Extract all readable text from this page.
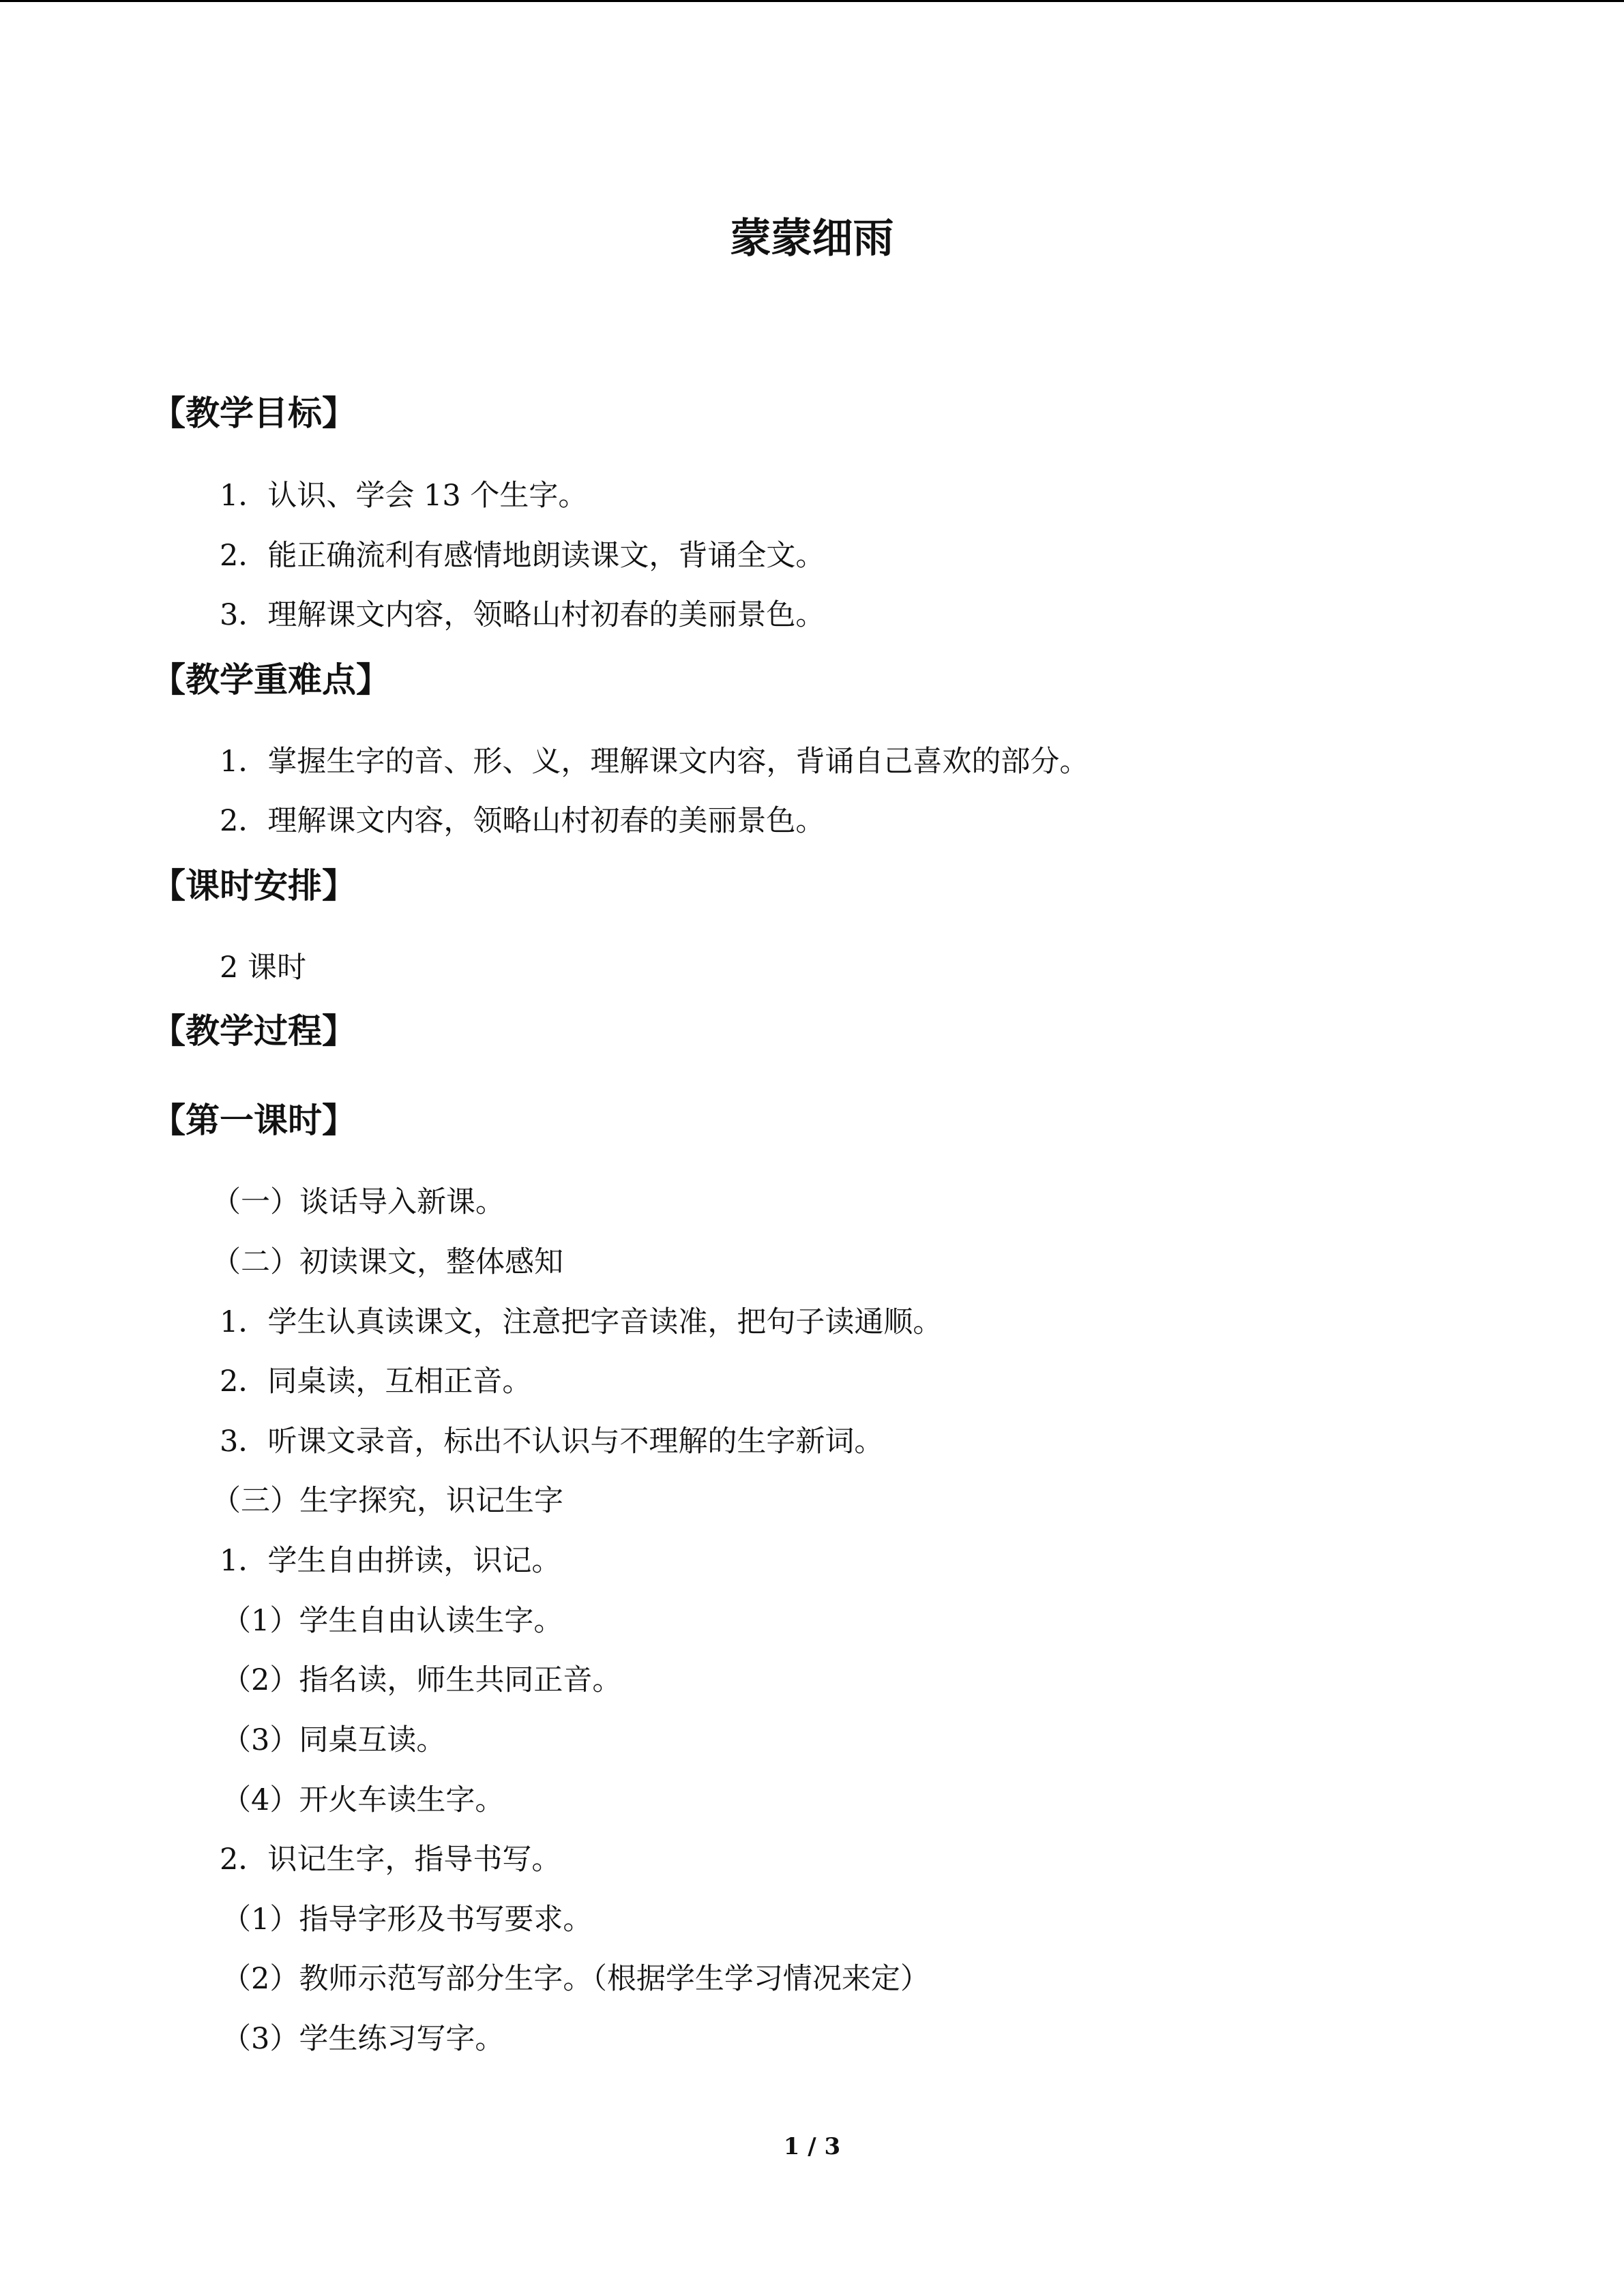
蒙蒙细雨
【教学目标】
1．认识、学会 13 个生字。
2．能正确流利有感情地朗读课文，背诵全文。
3．理解课文内容，领略山村初春的美丽景色。
【教学重难点】
1．掌握生字的音、形、义，理解课文内容，背诵自己喜欢的部分。
2．理解课文内容，领略山村初春的美丽景色。
【课时安排】
2 课时
【教学过程】
【第一课时】
（一）谈话导入新课。
（二）初读课文，整体感知
1．学生认真读课文，注意把字音读准，把句子读通顺。
2．同桌读，互相正音。
3．听课文录音，标出不认识与不理解的生字新词。
（三）生字探究，识记生字
1．学生自由拼读，识记。
（1）学生自由认读生字。
（2）指名读，师生共同正音。
（3）同桌互读。
（4）开火车读生字。
2．识记生字，指导书写。
（1）指导字形及书写要求。
（2）教师示范写部分生字。（根据学生学习情况来定）
（3）学生练习写字。
1 / 3
